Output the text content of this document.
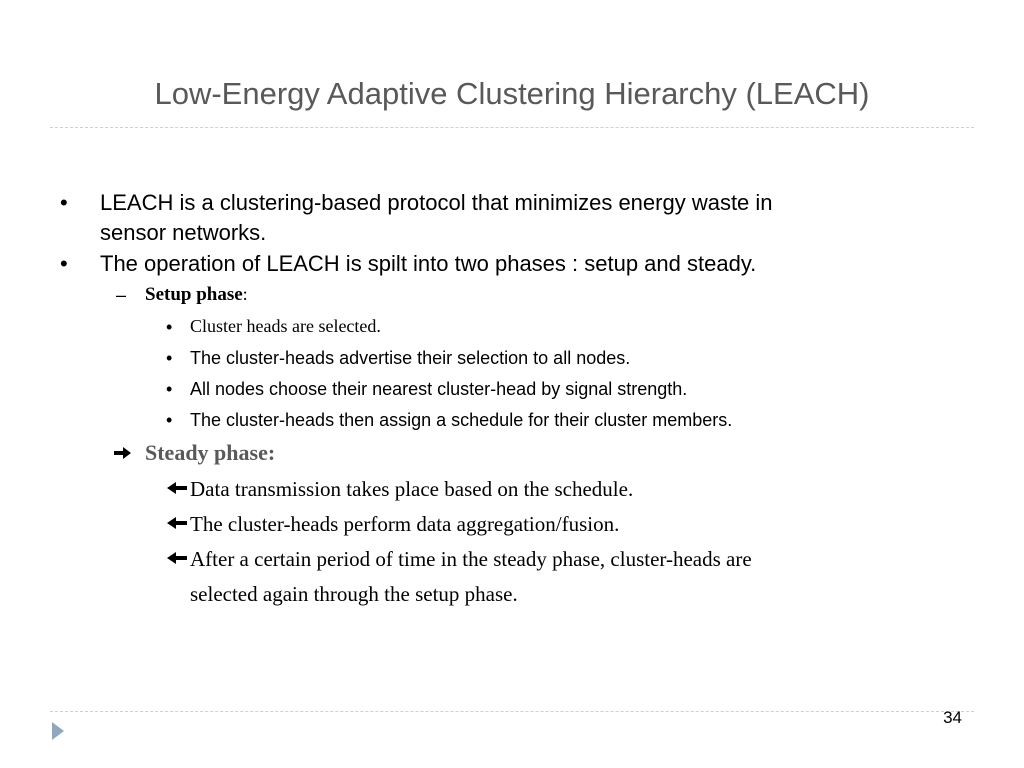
Low-Energy Adaptive Clustering Hierarchy (LEACH)
• LEACH is a clustering-based protocol that minimizes energy waste in
sensor networks.
• The operation of LEACH is spilt into two phases : setup and steady.
– Setup phase:
• Cluster heads are selected.
• The cluster-heads advertise their selection to all nodes.
• All nodes choose their nearest cluster-head by signal strength.
• The cluster-heads then assign a schedule for their cluster members.
Steady phase:
Data transmission takes place based on the schedule.
The cluster-heads perform data aggregation/fusion.
After a certain period of time in the steady phase, cluster-heads are
selected again through the setup phase.
34
